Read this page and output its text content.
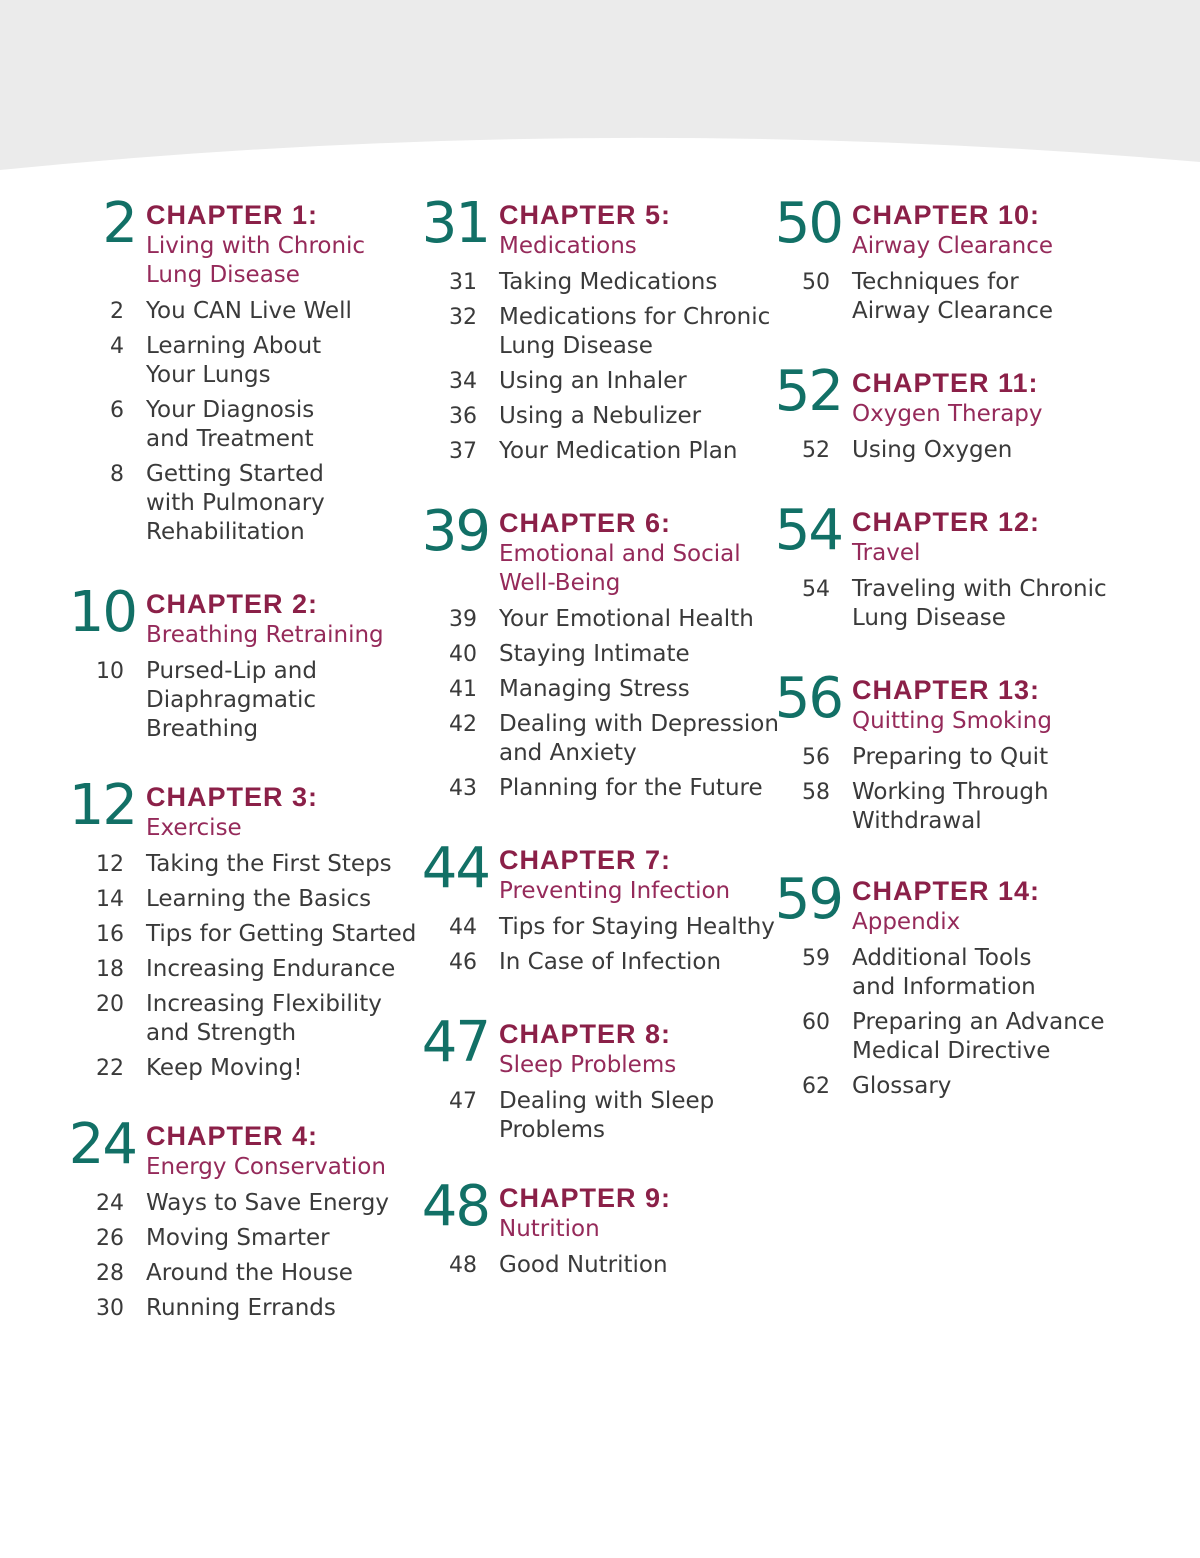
2 CHAPTER 1:
Living with Chronic
Lung Disease
2 You CAN Live Well
4 Learning About
Your Lungs
6 Your Diagnosis
and Treatment
8 Getting Started
with Pulmonary
Rehabilitation
10 CHAPTER 2:
Breathing Retraining
10 Pursed-Lip and
Diaphragmatic
Breathing
12 CHAPTER 3:
Exercise
12 Taking the First Steps
14 Learning the Basics
16 Tips for Getting Started
18 Increasing Endurance
20 Increasing Flexibility
and Strength
22 Keep Moving!
24 CHAPTER 4:
Energy Conservation
24 Ways to Save Energy
26 Moving Smarter
28 Around the House
30 Running Errands
31 CHAPTER 5:
Medications
31 Taking Medications
32 Medications for Chronic
Lung Disease
34 Using an Inhaler
36 Using a Nebulizer
37 Your Medication Plan
39 CHAPTER 6:
Emotional and Social
Well-Being
39 Your Emotional Health
40 Staying Intimate
41 Managing Stress
42 Dealing with Depression
and Anxiety
43 Planning for the Future
44 CHAPTER 7:
Preventing Infection
44 Tips for Staying Healthy
46 In Case of Infection
47 CHAPTER 8:
Sleep Problems
47 Dealing with Sleep
Problems
48 CHAPTER 9:
Nutrition
48 Good Nutrition
50 CHAPTER 10:
Airway Clearance
50 Techniques for
Airway Clearance
52 CHAPTER 11:
Oxygen Therapy
52 Using Oxygen
54 CHAPTER 12:
Travel
54 Traveling with Chronic
Lung Disease
56 CHAPTER 13:
Quitting Smoking
56 Preparing to Quit
58 Working Through
Withdrawal
59 CHAPTER 14:
Appendix
59 Additional Tools
and Information
60 Preparing an Advance
Medical Directive
62 Glossary
